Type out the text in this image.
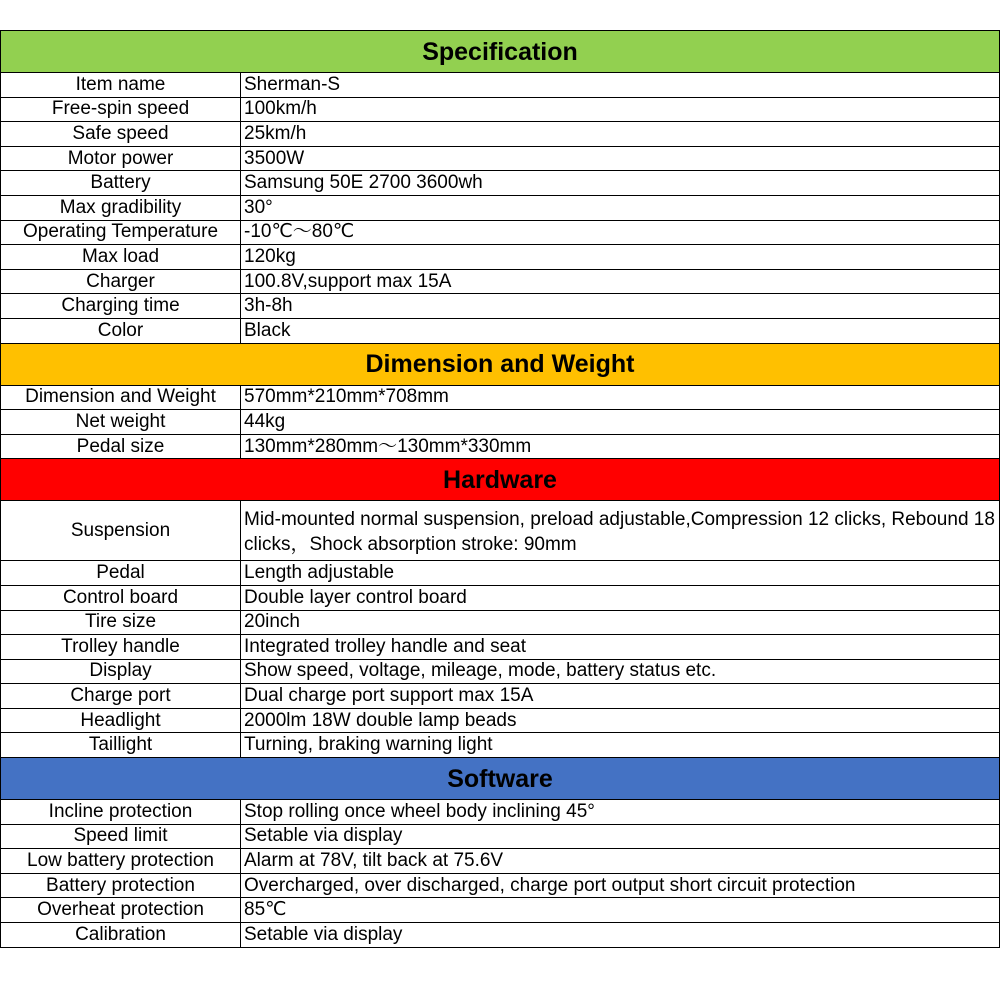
Specification	
Item name	Sherman-S
Free-spin speed	100km/h
Safe speed	25km/h
Motor power	3500W
Battery	Samsung 50E 2700 3600wh
Max gradibility	30°
Operating Temperature	-10℃～80℃
Max load	120kg
Charger	100.8V,support max 15A
Charging time	3h-8h
Color	Black
Dimension and Weight	
Dimension and Weight	570mm*210mm*708mm
Net weight	44kg
Pedal size	130mm*280mm～130mm*330mm
Hardware	
Suspension	Mid-mounted normal suspension, preload adjustable,Compression 12 clicks, Rebound 18 clicks，Shock absorption stroke: 90mm
Pedal	Length adjustable
Control board	Double layer control board
Tire size	20inch
Trolley handle	Integrated trolley handle and seat
Display	Show speed, voltage, mileage, mode, battery status etc.
Charge port	Dual charge port support max 15A
Headlight	2000lm 18W double lamp beads
Taillight	Turning, braking warning light
Software	
Incline protection	Stop rolling once wheel body inclining 45°
Speed limit	Setable via display
Low battery protection	Alarm at 78V, tilt back at 75.6V
Battery protection	Overcharged, over discharged, charge port output short circuit protection
Overheat protection	85℃
Calibration	Setable via display
